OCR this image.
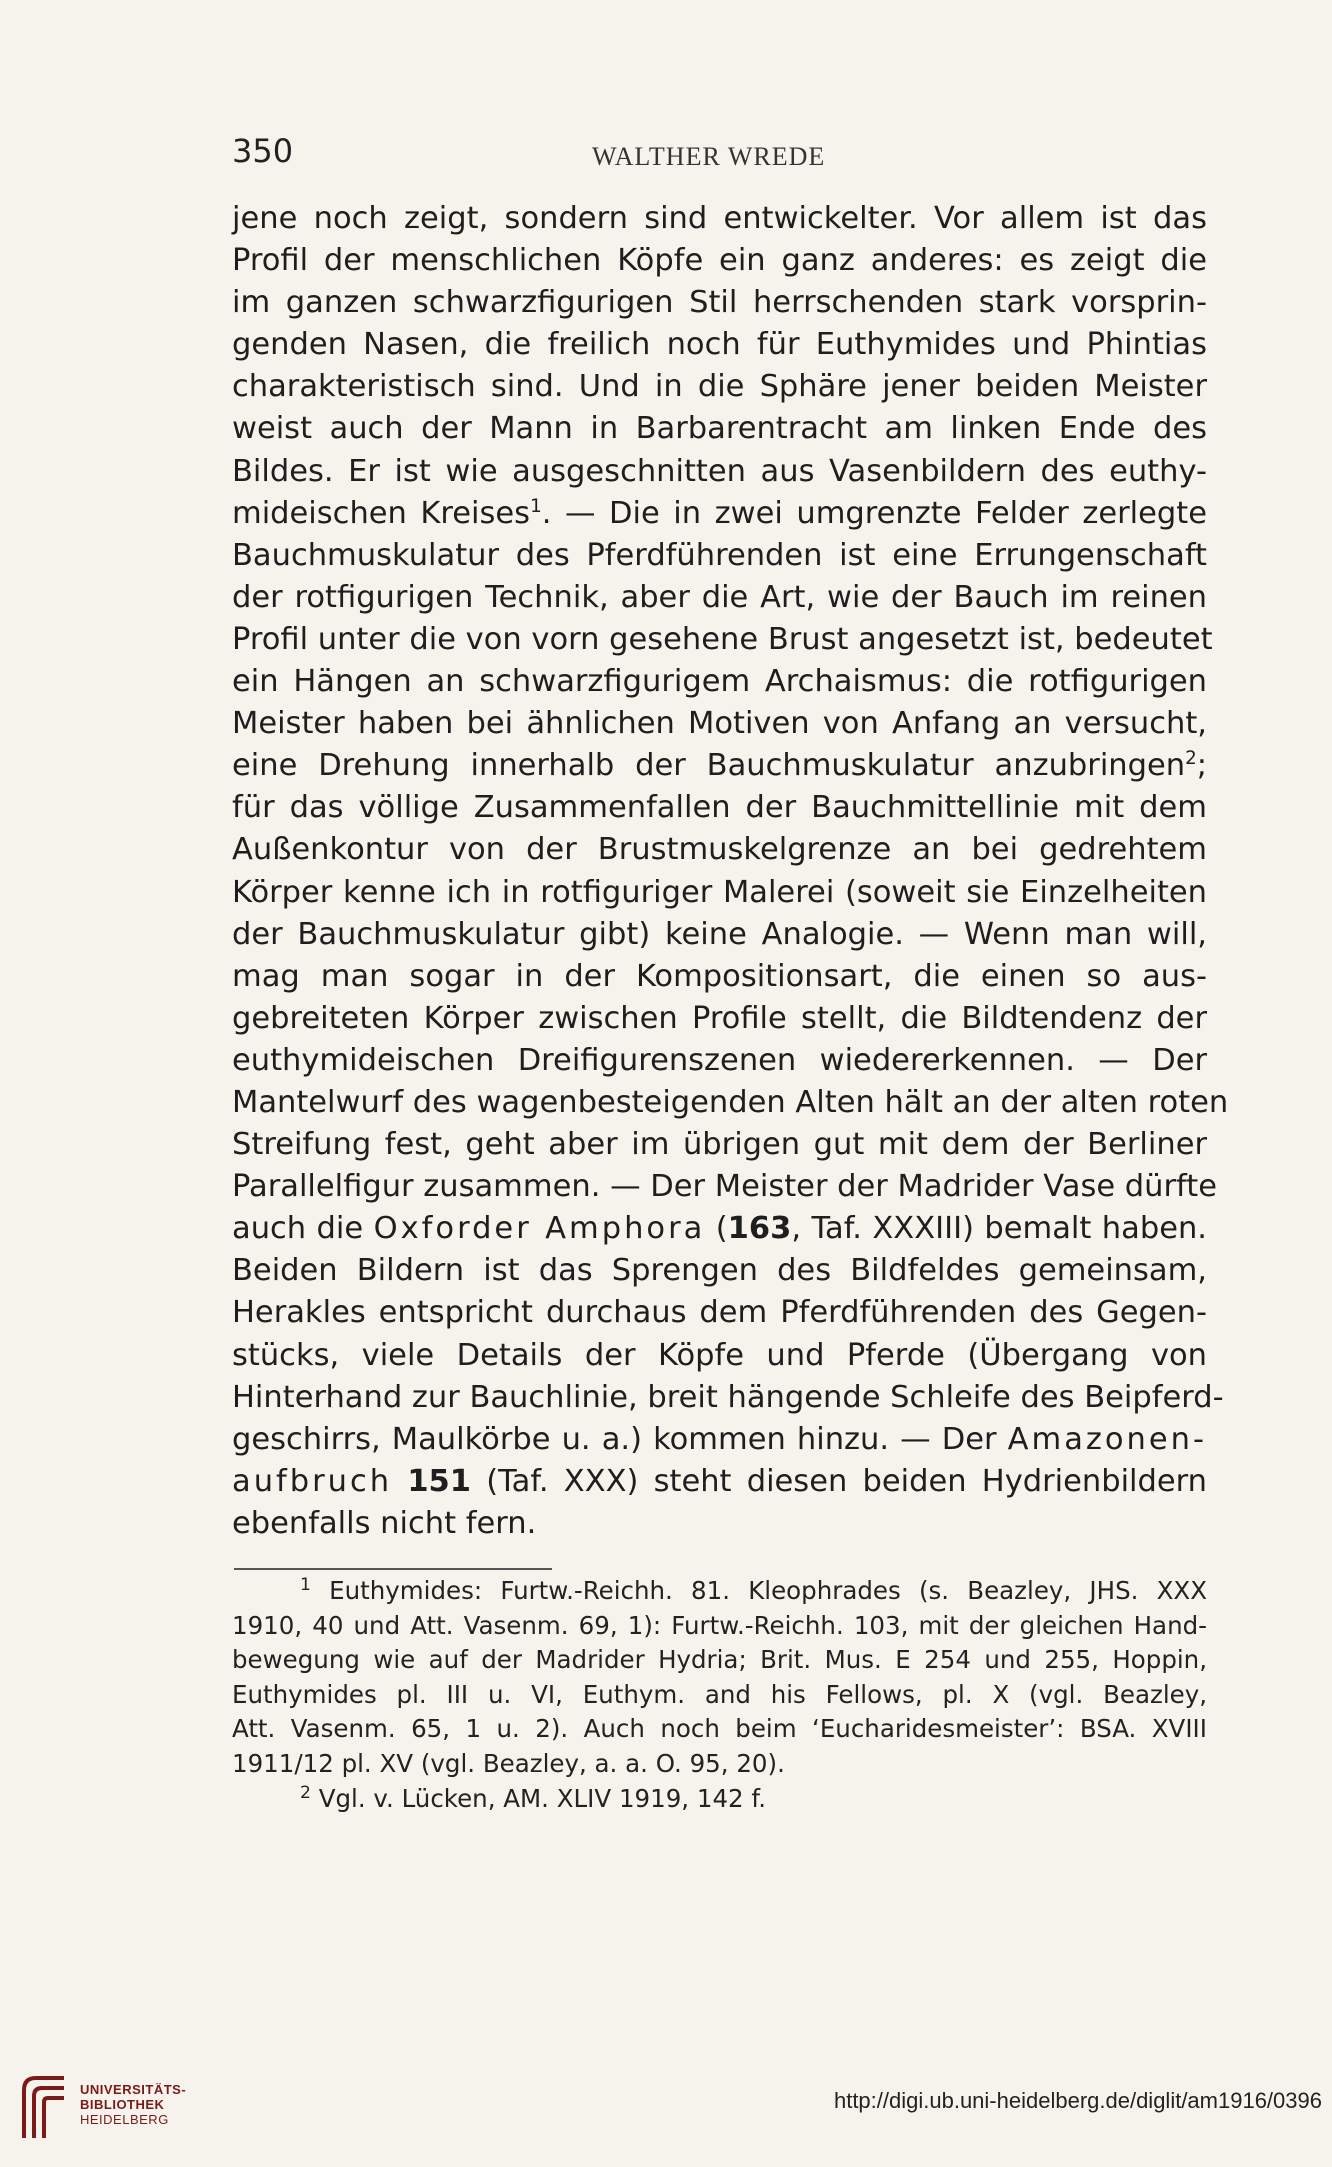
350	WALTHER WREDE
jene noch zeigt, sondern sind entwickelter. Vor allem ist das
Profil der menschlichen Köpfe ein ganz anderes: es zeigt die
im ganzen schwarzfigurigen Stil herrschenden stark vorsprin-
genden Nasen, die freilich noch für Euthymides und Phintias
charakteristisch sind. Und in die Sphäre jener beiden Meister
weist auch der Mann in Barbarentracht am linken Ende des
Bildes. Er ist wie ausgeschnitten aus Vasenbildern des euthy-
mideischen Kreises$^1$. — Die in zwei umgrenzte Felder zerlegte
Bauchmuskulatur des Pferdführenden ist eine Errungenschaft
der rotfigurigen Technik, aber die Art, wie der Bauch im reinen
Profil unter die von vorn gesehene Brust angesetzt ist, bedeutet
ein Hängen an schwarzfigurigem Archaismus: die rotfigurigen
Meister haben bei ähnlichen Motiven von Anfang an versucht,
eine Drehung innerhalb der Bauchmuskulatur anzubringen$^2$;
für das völlige Zusammenfallen der Bauchmittellinie mit dem
Außenkontur von der Brustmuskelgrenze an bei gedrehtem
Körper kenne ich in rotfiguriger Malerei (soweit sie Einzelheiten
der Bauchmuskulatur gibt) keine Analogie. — Wenn man will,
mag man sogar in der Kompositionsart, die einen so aus-
gebreiteten Körper zwischen Profile stellt, die Bildtendenz der
euthymideischen Dreifigurenszenen wiedererkennen. — Der
Mantelwurf des wagenbesteigenden Alten hält an der alten roten
Streifung fest, geht aber im übrigen gut mit dem der Berliner
Parallelfigur zusammen. — Der Meister der Madrider Vase dürfte
auch die Oxforder Amphora (163, Taf. XXXIII) bemalt haben.
Beiden Bildern ist das Sprengen des Bildfeldes gemeinsam,
Herakles entspricht durchaus dem Pferdführenden des Gegen-
stücks, viele Details der Köpfe und Pferde (Übergang von
Hinterhand zur Bauchlinie, breit hängende Schleife des Beipferd-
geschirrs, Maulkörbe u. a.) kommen hinzu. — Der Amazonen-
aufbruch 151 (Taf. XXX) steht diesen beiden Hydrienbildern
ebenfalls nicht fern.
$^1$ Euthymides: Furtw.-Reichh. 81. Kleophrades (s. Beazley, JHS. XXX
1910, 40 und Att. Vasenm. 69, 1): Furtw.-Reichh. 103, mit der gleichen Hand-
bewegung wie auf der Madrider Hydria; Brit. Mus. E 254 und 255, Hoppin,
Euthymides pl. III u. VI, Euthym. and his Fellows, pl. X (vgl. Beazley,
Att. Vasenm. 65, 1 u. 2). Auch noch beim ‘Eucharidesmeister’: BSA. XVIII
1911/12 pl. XV (vgl. Beazley, a. a. O. 95, 20).
$^2$ Vgl. v. Lücken, AM. XLIV 1919, 142 f.
UNIVERSITÄTS-
BIBLIOTHEK
HEIDELBERG
http://digi.ub.uni-heidelberg.de/diglit/am1916/0396
